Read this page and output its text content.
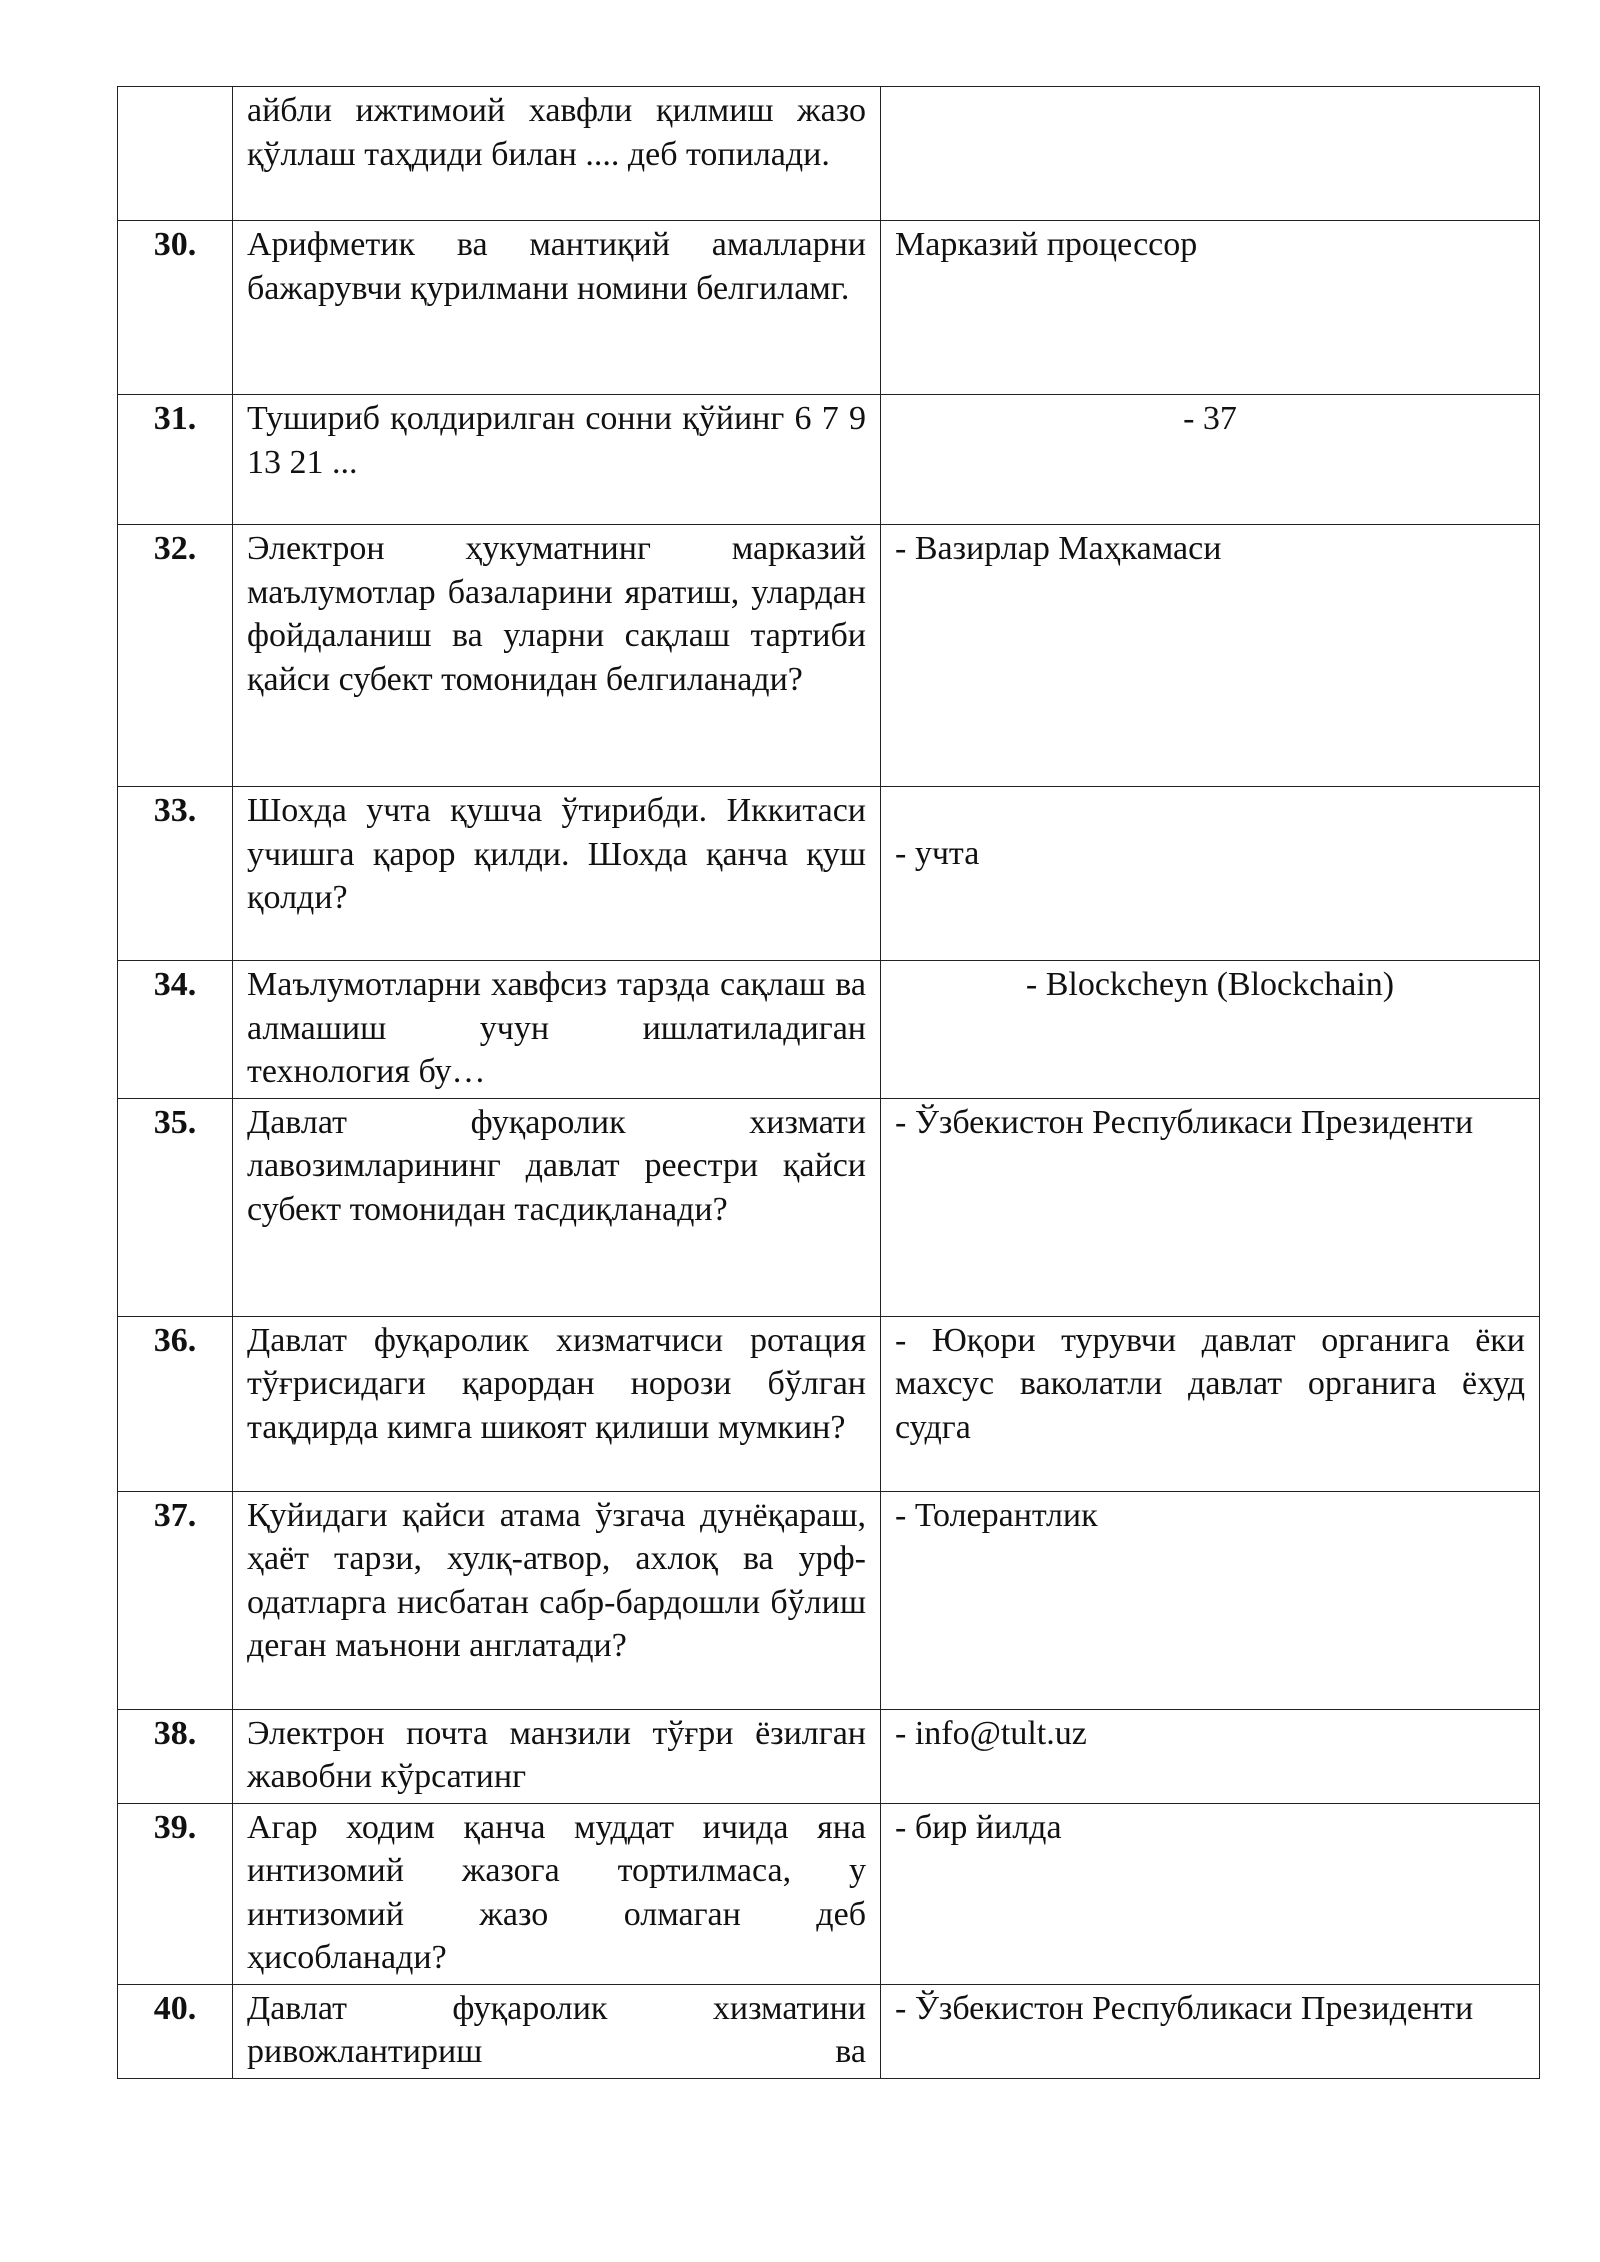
	айбли ижтимоий хавфли қилмиш жазо қўллаш таҳдиди билан .... деб топилади.	
30.	Арифметик ва мантиқий амалларни бажарувчи қурилмани номини белгиламг.	Марказий процессор
31.	Тушириб қолдирилган сонни қўйинг 6 7 9 13 21 ...	- 37
32.	Электрон ҳукуматнинг марказий маълумотлар базаларини яратиш, улардан фойдаланиш ва уларни сақлаш тартиби қайси субект томонидан белгиланади?	- Вазирлар Маҳкамаси
33.	Шохда учта қушча ўтирибди. Иккитаси учишга қарор қилди. Шохда қанча қуш қолди?	- учта
34.	Маълумотларни хавфсиз тарзда сақлаш ва алмашиш учун ишлатиладиган технология бу…	- Blockcheyn (Blockchain)
35.	Давлат фуқаролик хизмати лавозимларининг давлат реестри қайси субект томонидан тасдиқланади?	- Ўзбекистон Республикаси Президенти
36.	Давлат фуқаролик хизматчиси ротация тўғрисидаги қарордан норози бўлган тақдирда кимга шикоят қилиши мумкин?	- Юқори турувчи давлат органига ёки махсус ваколатли давлат органига ёхуд судга
37.	Қуйидаги қайси атама ўзгача дунёқараш, ҳаёт тарзи, хулқ-атвор, ахлоқ ва урф-одатларга нисбатан сабр-бардошли бўлиш деган маънони англатади?	- Толерантлик
38.	Электрон почта манзили тўғри ёзилган жавобни кўрсатинг	- info@tult.uz
39.	Агар ходим қанча муддат ичида яна интизомий жазога тортилмаса, у интизомий жазо олмаган деб ҳисобланади?	- бир йилда
40.	Давлат фуқаролик хизматини ривожлантириш ва	- Ўзбекистон Республикаси Президенти
